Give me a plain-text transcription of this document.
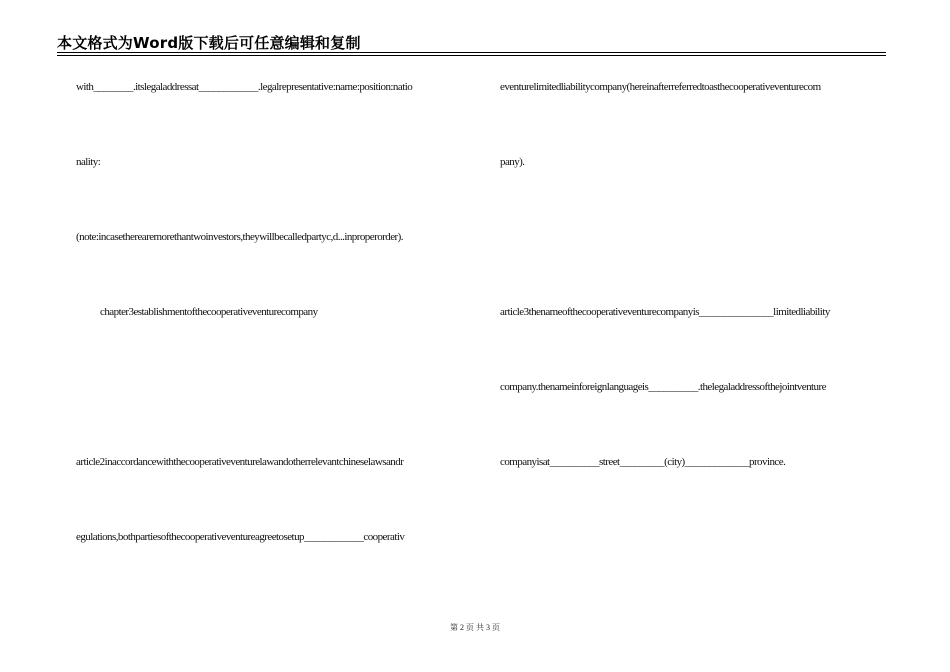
本文格式为Word版下载后可任意编辑和复制
with________.itslegaladdressat____________.legalrepresentative:name:position:natio
nality:
(note:incasetherearemorethantwoinvestors,theywillbecalledpartyc,d...inproperorder).
chapter3establishmentofthecooperativeventurecompany
article2inaccordancewiththecooperativeventurelawandotherrelevantchineselawsandr
egulations,bothpartiesofthecooperativeventureagreetosetup____________cooperativ
eventurelimitedliabilitycompany(hereinafterreferredtoasthecooperativeventurecom
pany).
article3thenameofthecooperativeventurecompanyis_______________limitedliability
company.thenameinforeignlanguageis__________.thelegaladdressofthejointventure
companyisat__________street_________(city)_____________province.
第 2 页 共 3 页
